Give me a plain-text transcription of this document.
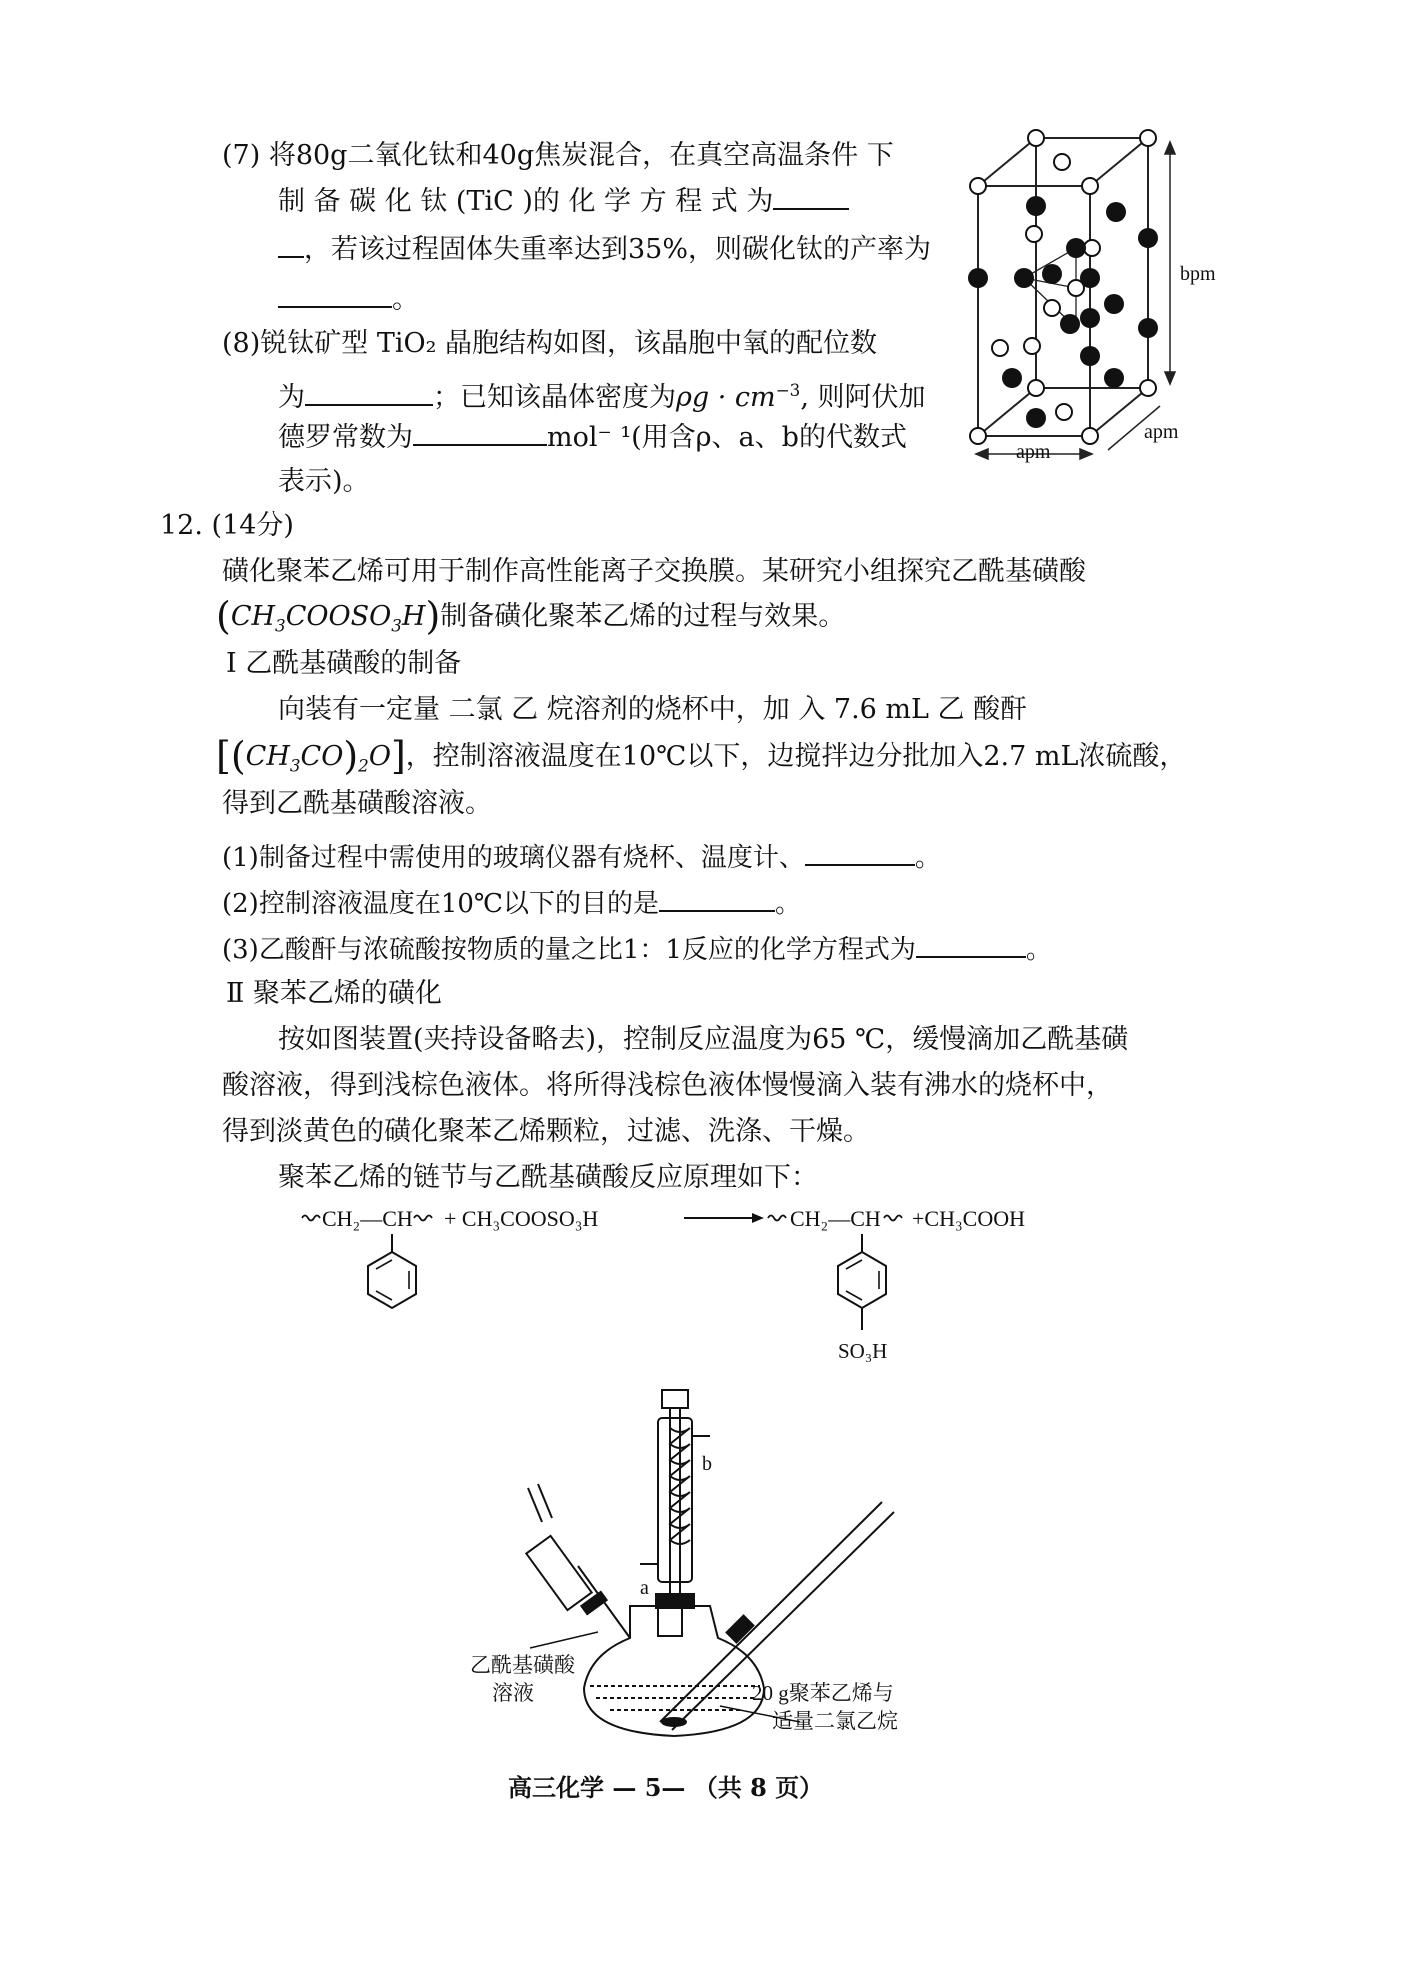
(7) 将80g二氧化钛和40g焦炭混合，在真空高温条件 下
制 备 碳 化 钛 (TiC )的 化 学 方 程 式 为
，若该过程固体失重率达到35%，则碳化钛的产率为
。
(8)锐钛矿型 TiO₂ 晶胞结构如图，该晶胞中氧的配位数
为	；已知该晶体密度为$\rho g \cdot cm^{-3}$, 则阿伏加
德罗常数为	mol⁻ ¹(用含ρ、a、b的代数式
表示)。
bpm
apm
apm
12. (14分)
磺化聚苯乙烯可用于制作高性能离子交换膜。某研究小组探究乙酰基磺酸
$(CH_3COOSO_3H)$制备磺化聚苯乙烯的过程与效果。
Ⅰ 乙酰基磺酸的制备
向装有一定量 二氯 乙 烷溶剂的烧杯中，加 入 7.6 mL 乙 酸酐
$[(CH_3CO)_2O]$，控制溶液温度在10℃以下，边搅拌边分批加入2.7 mL浓硫酸，
得到乙酰基磺酸溶液。
(1)制备过程中需使用的玻璃仪器有烧杯、温度计、	。
(2)控制溶液温度在10℃以下的目的是	。
(3)乙酸酐与浓硫酸按物质的量之比1：1反应的化学方程式为	。
Ⅱ 聚苯乙烯的磺化
按如图装置(夹持设备略去)，控制反应温度为65 ℃，缓慢滴加乙酰基磺
酸溶液，得到浅棕色液体。将所得浅棕色液体慢慢滴入装有沸水的烧杯中，
得到淡黄色的磺化聚苯乙烯颗粒，过滤、洗涤、干燥。
聚苯乙烯的链节与乙酰基磺酸反应原理如下：
CH₂—CH + CH₃COOSO₃H	CH₂—CH
SO₃H
+CH₃COOH
b
a
乙酰基磺酸
溶液	20 g聚苯乙烯与
适量二氯乙烷
高三化学 — 5— （共 8 页）
